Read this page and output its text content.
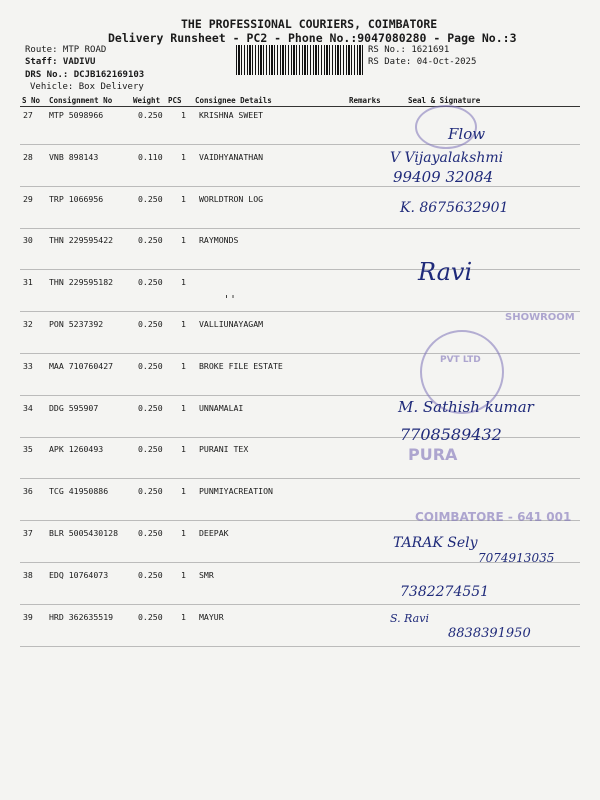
THE PROFESSIONAL COURIERS, COIMBATORE
Delivery Runsheet - PC2 - Phone No.:9047080280 - Page No.:3
Route: MTP ROAD
Staff: VADIVU
DRS No.: DCJB162169103
Vehicle: Box Delivery
RS No.: 1621691
RS Date: 04-Oct-2025
S No Consignment No	Weight PCS Consignee Details	Remarks	Seal & Signature
27 MTP 5098966	0.250 1 KRISHNA SWEET
28 VNB 898143	0.110 1 VAIDHYANATHAN
29 TRP 1066956	0.250 1 WORLDTRON LOG
30 THN 229595422	0.250 1 RAYMONDS
31 THN 229595182	0.250 1
32 PON 5237392	0.250 1 VALLIUNAYAGAM
33 MAA 710760427	0.250 1 BROKE FILE ESTATE
34 DDG 595907	0.250 1 UNNAMALAI
35 APK 1260493	0.250 1 PURANI TEX
36 TCG 41950886	0.250 1 PUNMIYACREATION
37 BLR 5005430128 0.250 1 DEEPAK
38 EDQ 10764073	0.250 1 SMR
39 HRD 362635519	0.250 1 MAYUR
SHOWROOM
PVT LTD
PURA
COIMBATORE - 641 001
Flow
V Vijayalakshmi
99409 32084
K. 8675632901
Ravi
' '
M. Sathish kumar
7708589432
TARAK Sely
7074913035
7382274551
S. Ravi
8838391950
